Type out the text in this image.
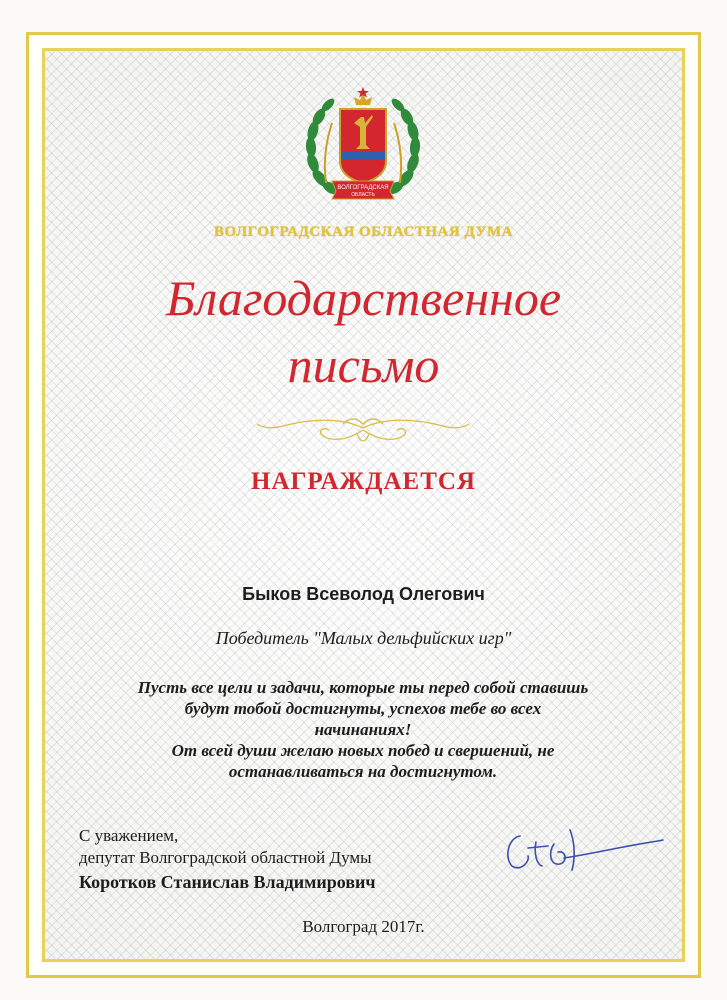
ВОЛГОГРАДСКАЯ
ОБЛАСТЬ
ВОЛГОГРАДСКАЯ ОБЛАСТНАЯ ДУМА
Благодарственное
письмо
НАГРАЖДАЕТСЯ
Быков Всеволод Олегович
Победитель "Малых дельфийских игр"
Пусть все цели и задачи, которые ты перед собой ставишь
будут тобой достигнуты, успехов тебе во всех
начинаниях!
От всей души желаю новых побед и свершений, не
останавливаться на достигнутом.
С уважением,
депутат Волгоградской областной Думы
Коротков Станислав Владимирович
Волгоград 2017г.
